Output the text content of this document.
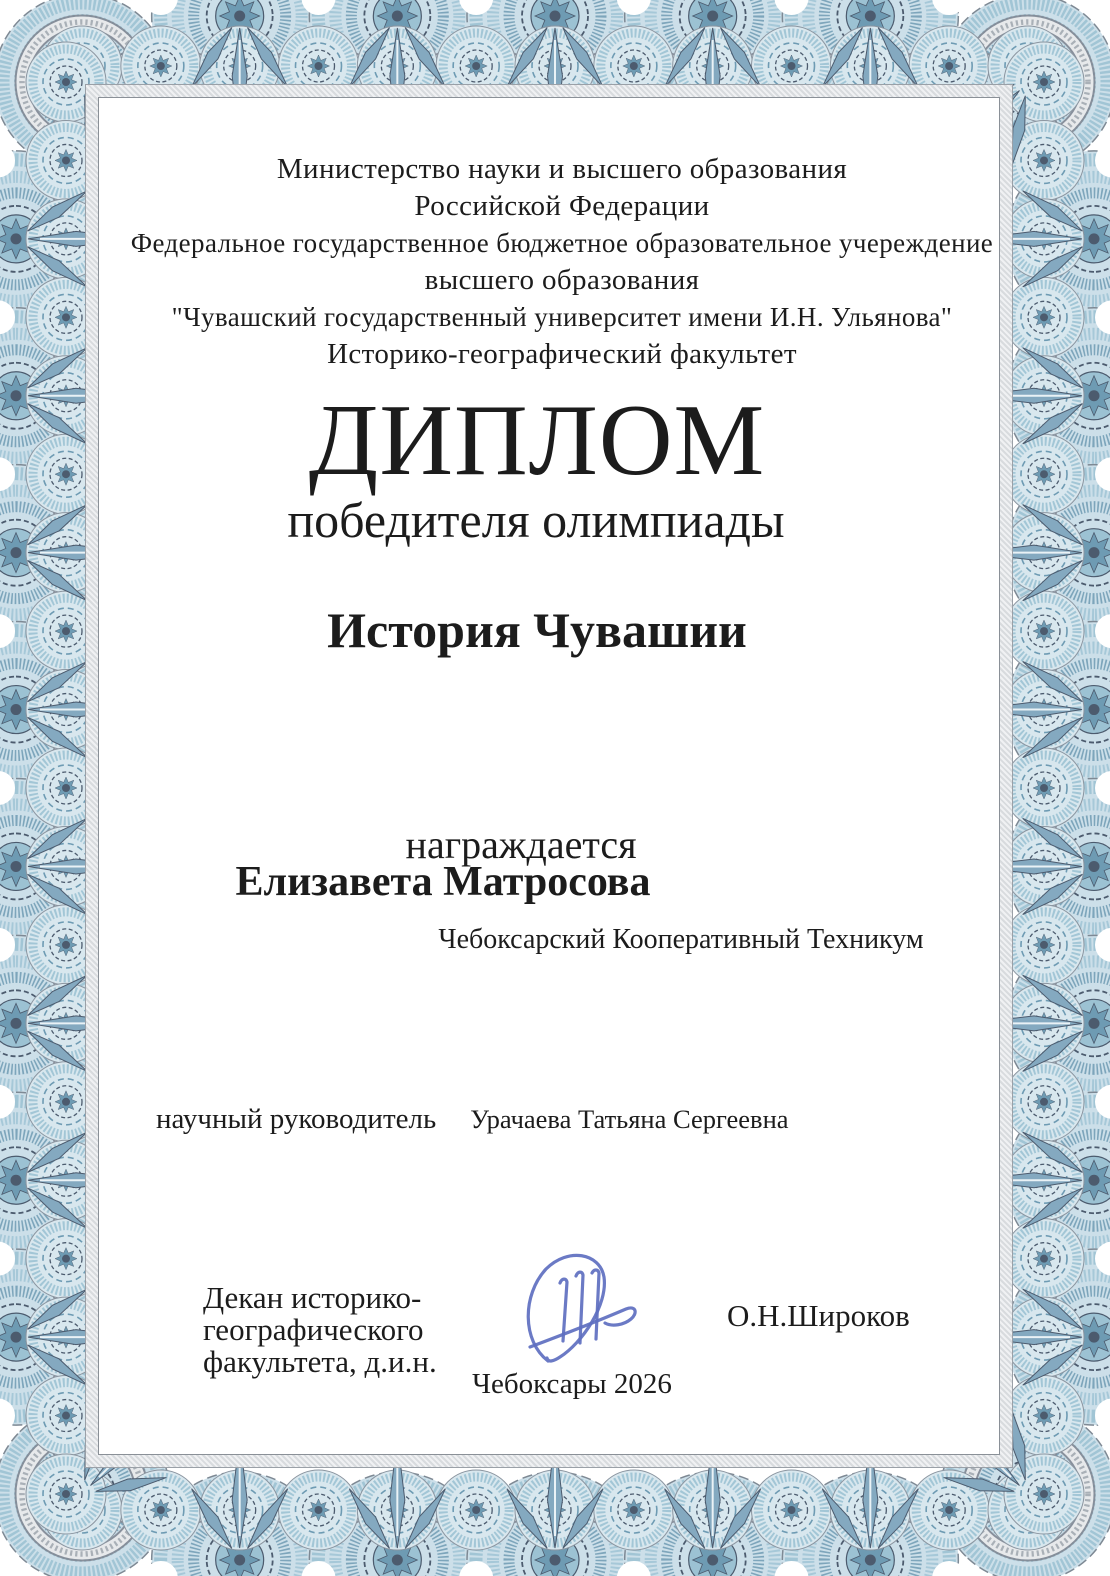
Министерство науки и высшего образования
Российской Федерации
Федеральное государственное бюджетное образовательное учереждение
высшего образования
"Чувашский государственный университет имени И.Н. Ульянова"
Историко-географический факультет
ДИПЛОМ
победителя олимпиады
История Чувашии
награждается
Елизавета Матросова
Чебоксарский Кооперативный Техникум
научный руководитель Урачаева Татьяна Сергеевна
Декан историко-
географического
факультета, д.и.н.
О.Н.Широков
Чебоксары 2026
